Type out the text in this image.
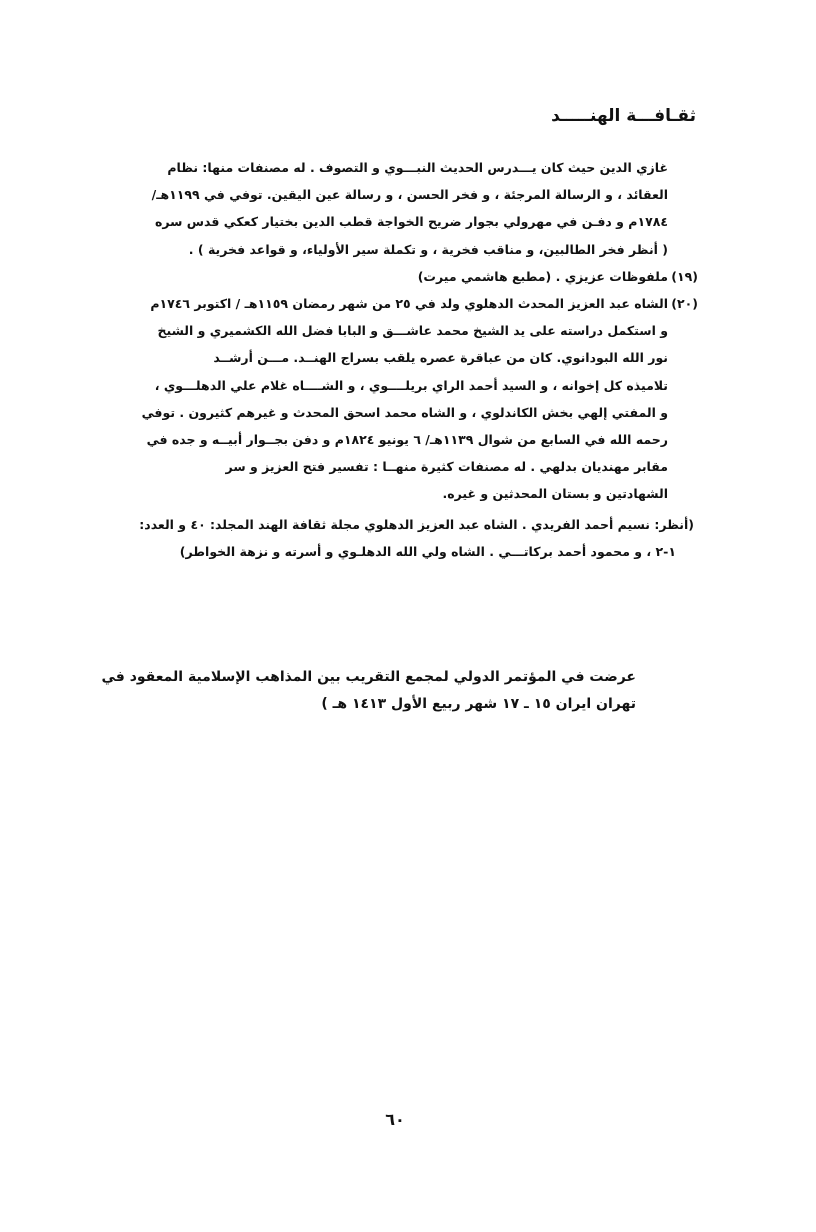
ثقـافـــة الهنـــــد
غازي الدين حيث كان يـــدرس الحديث النبـــوي و التصوف . له مصنفات منها: نظام
العقائد ، و الرسالة المرجئة ، و فخر الحسن ، و رسالة عين اليقين. توفي في ١١٩٩هـ/
١٧٨٤م و دفـن في مهرولي بجوار ضريح الخواجة قطب الدين بختيار كعكي قدس سره
( أنظر فخر الطالبين، و مناقب فخرية ، و تكملة سير الأولياء، و قواعد فخرية ) .
(١٩)
ملفوظات عزيزي . (مطبع هاشمي ميرت)
(٢٠)
الشاه عبد العزيز المحدث الدهلوي ولد في ٢٥ من شهر رمضان ١١٥٩هـ / اكتوبر ١٧٤٦م
و استكمل دراسته على يد الشيخ محمد عاشـــق و البابا فضل الله الكشميري و الشيخ
نور الله البودانوي. كان من عباقرة عصره يلقب بسراج الهنــد. مـــن أرشــد
تلاميذه كل إخوانه ، و السيد أحمد الراي بريلــــوي ، و الشــــاه غلام علي الدهلـــوي ،
و المفتي إلهي بخش الكاندلوي ، و الشاه محمد اسحق المحدث و غيرهم كثيرون . توفي
رحمه الله في السابع من شوال ١١٣٩هـ/ ٦ يونيو ١٨٢٤م و دفن بجــوار أبيــه و جده في
مقابر مهنديان بدلهي . له مصنفات كثيرة منهــا : تفسير فتح العزيز و سر
الشهادتين و بستان المحدثين و غيره.
(أنظر: نسيم أحمد الفريدي . الشاه عبد العزيز الدهلوي مجلة ثقافة الهند المجلد: ٤٠ و العدد:
١-٢ ، و محمود أحمد بركاتـــي . الشاه ولي الله الدهلـوي و أسرته و نزهة الخواطر)
عرضت في المؤتمر الدولي لمجمع التقريب بين المذاهب الإسلامية المعقود في
تهران ايران ١٥ ـ ١٧ شهر ربيع الأول ١٤١٣ هـ )
٦٠
